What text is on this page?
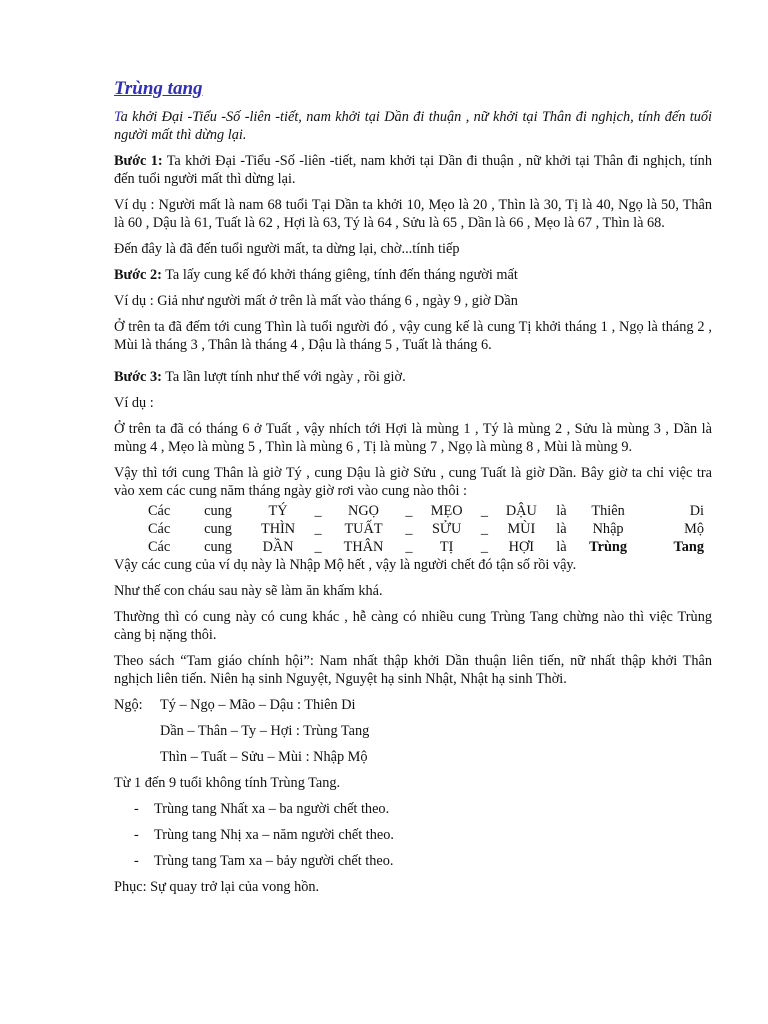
Trùng tang

Ta khởi Đại -Tiểu -Số -liên -tiết, nam khởi tại Dần đi thuận , nữ khởi tại Thân đi nghịch, tính đến tuổi người mất thì dừng lại.

Bước 1: Ta khởi Đại -Tiểu -Số -liên -tiết, nam khởi tại Dần đi thuận , nữ khởi tại Thân đi nghịch, tính đến tuổi người mất thì dừng lại.

Ví dụ : Người mất là nam 68 tuổi Tại Dần ta khởi 10, Mẹo là 20 , Thìn là 30, Tị là 40, Ngọ là 50, Thân là 60 , Dậu là 61, Tuất là 62 , Hợi là 63, Tý là 64 , Sửu là 65 , Dần là 66 , Mẹo là 67 , Thìn là 68.

Đến đây là đã đến tuổi người mất, ta dừng lại, chờ...tính tiếp

Bước 2: Ta lấy cung kế đó khởi tháng giêng, tính đến tháng người mất

Ví dụ : Giả như người mất ở trên là mất vào tháng 6 , ngày 9 , giờ Dần

Ở trên ta đã đếm tới cung Thìn là tuổi người đó , vậy cung kế là cung Tị khởi tháng 1 , Ngọ là tháng 2 , Mùi là tháng 3 , Thân là tháng 4 , Dậu là tháng 5 , Tuất là tháng 6.

Bước 3: Ta lần lượt tính như thế với ngày , rồi giờ.

Ví dụ :

Ở trên ta đã có tháng 6 ở Tuất , vậy nhích tới Hợi là mùng 1 , Tý là mùng 2 , Sửu là mùng 3 , Dần là mùng 4 , Mẹo là mùng 5 , Thìn là mùng 6 , Tị là mùng 7 , Ngọ là mùng 8 , Mùi là mùng 9.

Vậy thì tới cung Thân là giờ Tý , cung Dậu là giờ Sửu , cung Tuất là giờ Dần. Bây giờ ta chỉ việc tra vào xem các cung năm tháng ngày giờ rơi vào cung nào thôi :

Các	cung	TÝ	_	NGỌ	_	MẸO	_	DẬU	là	Thiên	Di
Các	cung	THÌN	_	TUẤT	_	SỬU	_	MÙI	là	Nhập	Mộ
Các	cung	DẦN	_	THÂN	_	TỊ	_	HỢI	là	Trùng	Tang

Vậy các cung của ví dụ này là Nhập Mộ hết , vậy là người chết đó tận số rồi vậy.

Như thế con cháu sau này sẽ làm ăn khấm khá.

Thường thì có cung này có cung khác , hễ càng có nhiều cung Trùng Tang chừng nào thì việc Trùng càng bị nặng thôi.

Theo sách “Tam giáo chính hội”: Nam nhất thập khởi Dần thuận liên tiến, nữ nhất thập khởi Thân nghịch liên tiến. Niên hạ sinh Nguyệt, Nguyệt hạ sinh Nhật, Nhật hạ sinh Thời.

Ngộ:	Tý – Ngọ – Mão – Dậu : Thiên Di
Dần – Thân – Ty – Hợi : Trùng Tang
Thìn – Tuất – Sửu – Mùi : Nhập Mộ

Từ 1 đến 9 tuổi không tính Trùng Tang.

-	Trùng tang Nhất xa – ba người chết theo.
-	Trùng tang Nhị xa – năm người chết theo.
-	Trùng tang Tam xa – bảy người chết theo.

Phục: Sự quay trở lại của vong hồn.
